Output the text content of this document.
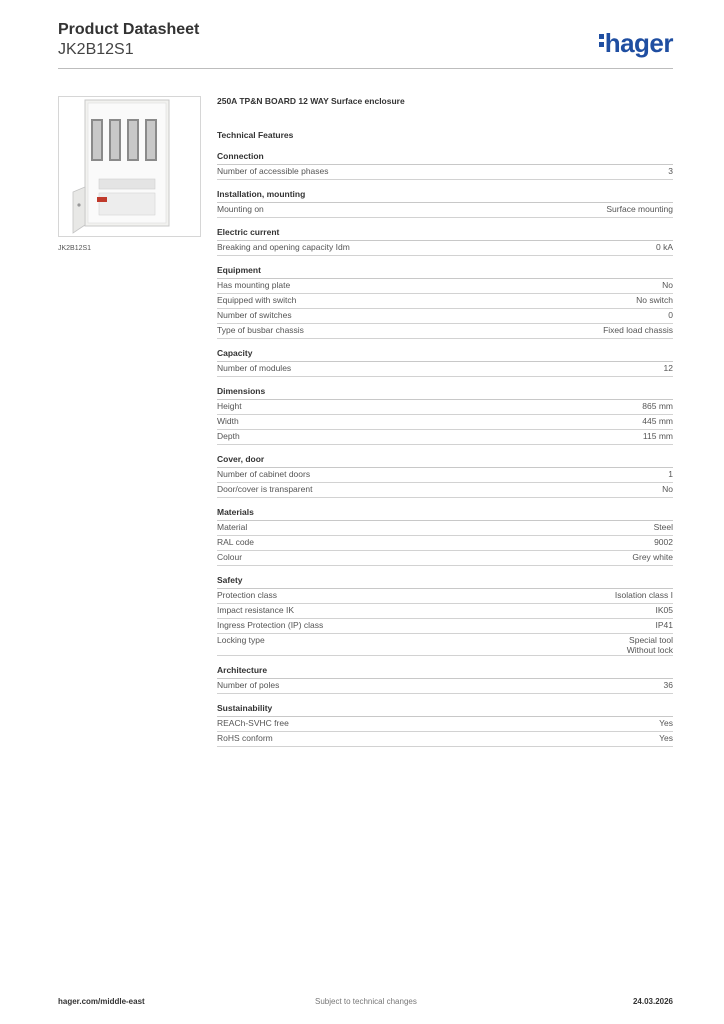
Product Datasheet
JK2B12S1	hager
JK2B12S1
250A TP&N BOARD 12 WAY Surface enclosure
Technical Features
Connection
Number of accessible phases	3
Installation, mounting
Mounting on	Surface mounting
Electric current
Breaking and opening capacity Idm	0 kA
Equipment
Has mounting plate	No
Equipped with switch	No switch
Number of switches	0
Type of busbar chassis	Fixed load chassis
Capacity
Number of modules	12
Dimensions
Height	865 mm
Width	445 mm
Depth	115 mm
Cover, door
Number of cabinet doors	1
Door/cover is transparent	No
Materials
Material	Steel
RAL code	9002
Colour	Grey white
Safety
Protection class	Isolation class I
Impact resistance IK	IK05
Ingress Protection (IP) class	IP41
Locking type	Special tool
Without lock
Architecture
Number of poles	36
Sustainability
REACh-SVHC free	Yes
RoHS conform	Yes
hager.com/middle-east	Subject to technical changes	24.03.2026
